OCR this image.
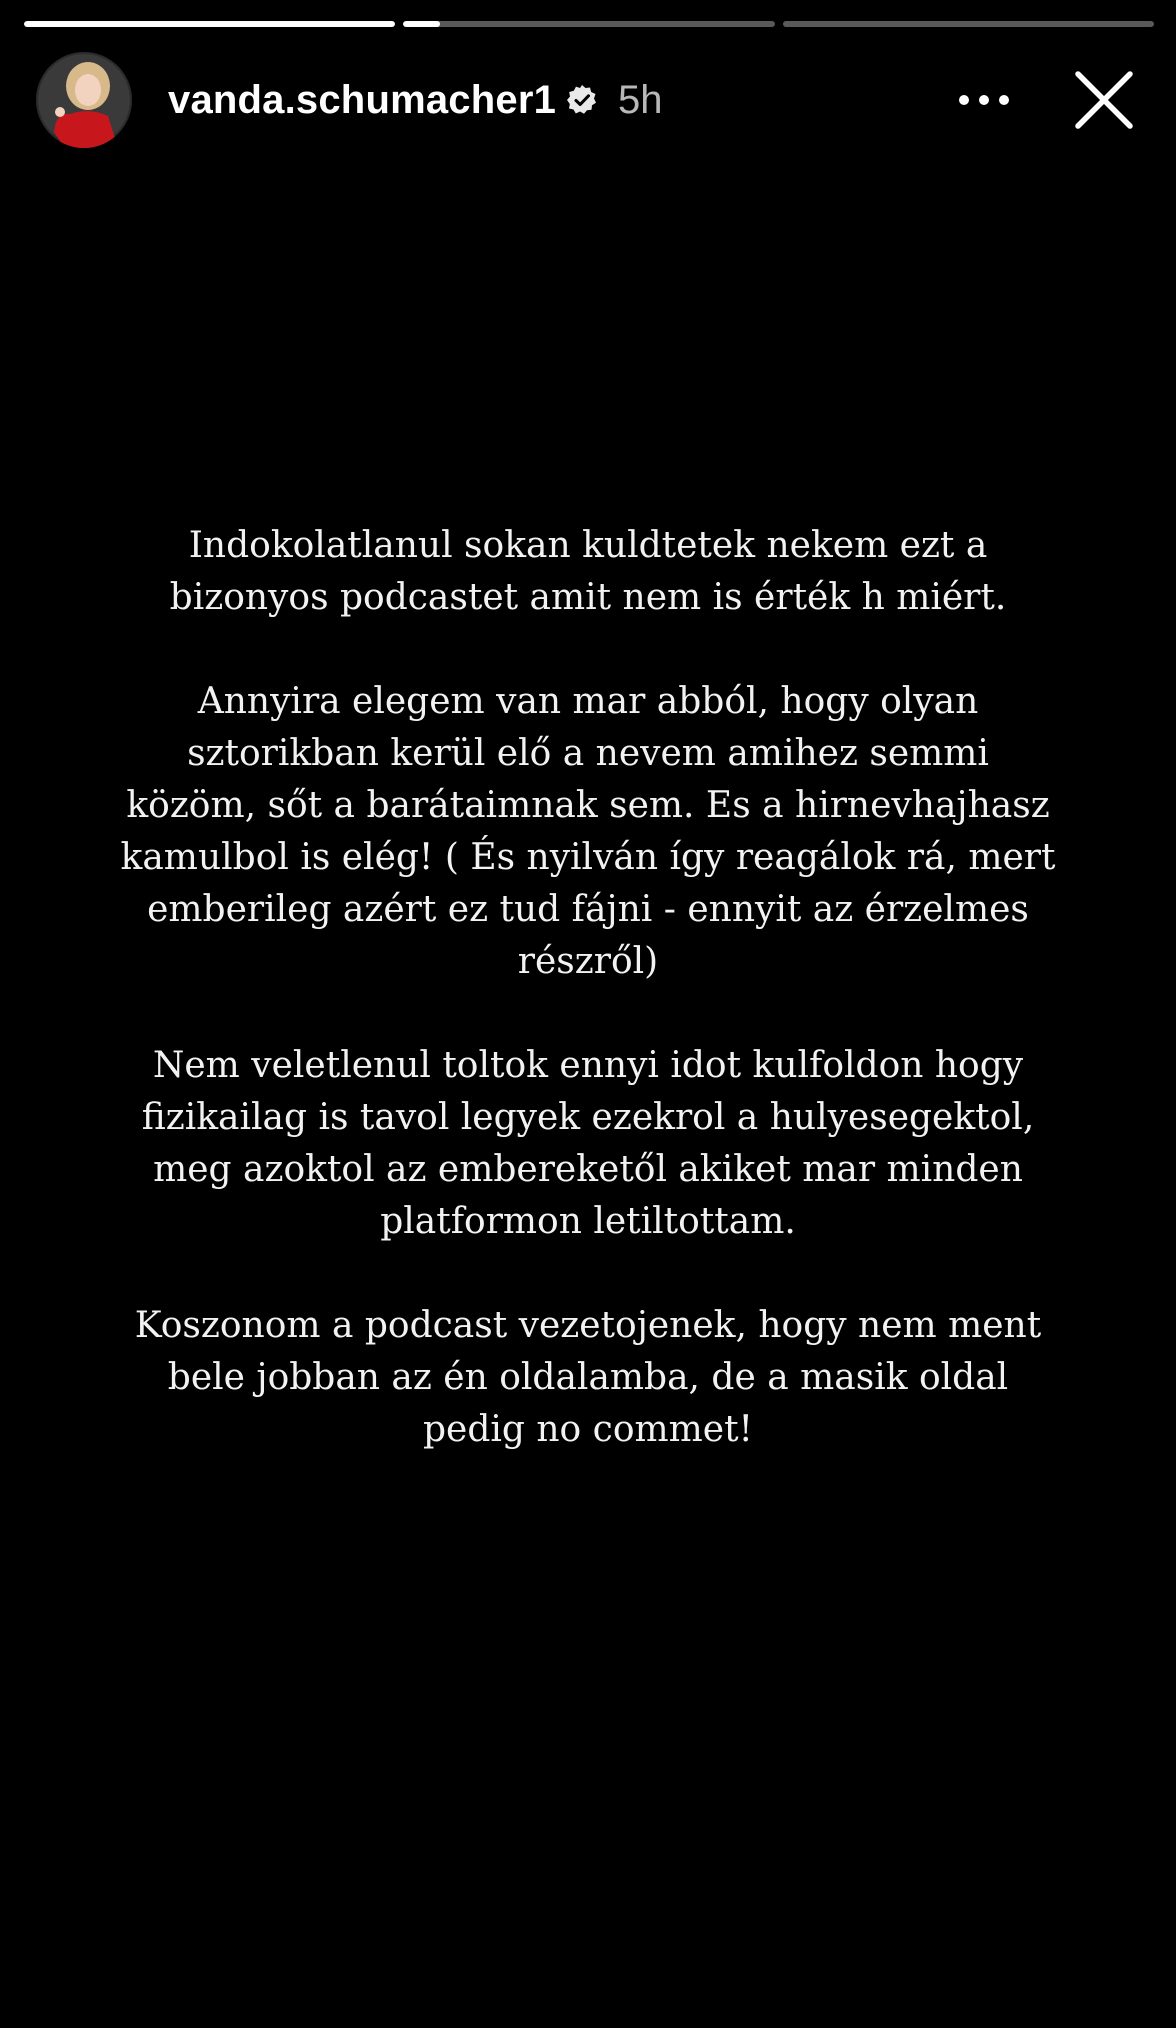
vanda.schumacher1 5h

Indokolatlanul sokan kuldtetek nekem ezt a bizonyos podcastet amit nem is érték h miért.

Annyira elegem van mar abból, hogy olyan sztorikban kerül elő a nevem amihez semmi közöm, sőt a barátaimnak sem. Es a hirnevhajhasz kamulbol is elég! ( És nyilván így reagálok rá, mert emberileg azért ez tud fájni - ennyit az érzelmes részről)

Nem veletlenul toltok ennyi idot kulfoldon hogy fizikailag is tavol legyek ezekrol a hulyesegektol, meg azoktol az embereketől akiket mar minden platformon letiltottam.

Koszonom a podcast vezetojenek, hogy nem ment bele jobban az én oldalamba, de a masik oldal pedig no commet!
